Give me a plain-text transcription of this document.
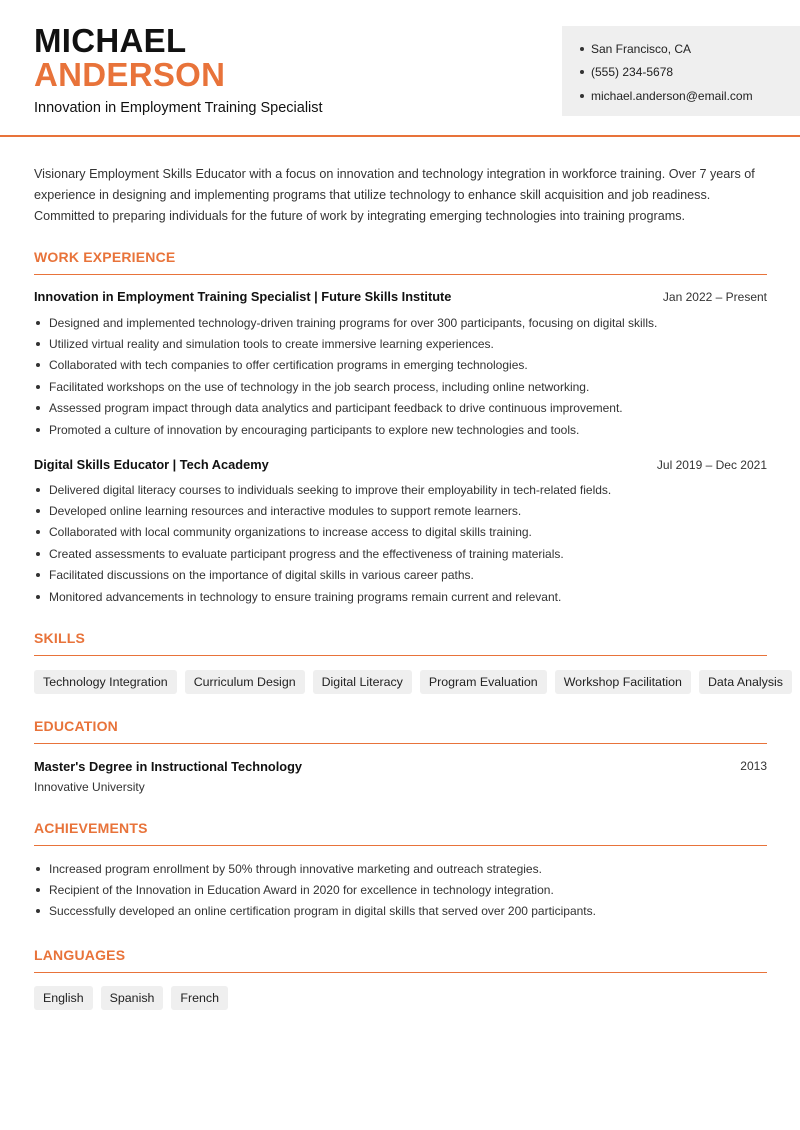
MICHAEL
ANDERSON
Innovation in Employment Training Specialist
San Francisco, CA
(555) 234-5678
michael.anderson@email.com

Visionary Employment Skills Educator with a focus on innovation and technology integration in workforce training. Over 7 years of experience in designing and implementing programs that utilize technology to enhance skill acquisition and job readiness. Committed to preparing individuals for the future of work by integrating emerging technologies into training programs.

WORK EXPERIENCE
Innovation in Employment Training Specialist | Future Skills Institute	Jan 2022 – Present
Designed and implemented technology-driven training programs for over 300 participants, focusing on digital skills.
Utilized virtual reality and simulation tools to create immersive learning experiences.
Collaborated with tech companies to offer certification programs in emerging technologies.
Facilitated workshops on the use of technology in the job search process, including online networking.
Assessed program impact through data analytics and participant feedback to drive continuous improvement.
Promoted a culture of innovation by encouraging participants to explore new technologies and tools.
Digital Skills Educator | Tech Academy	Jul 2019 – Dec 2021
Delivered digital literacy courses to individuals seeking to improve their employability in tech-related fields.
Developed online learning resources and interactive modules to support remote learners.
Collaborated with local community organizations to increase access to digital skills training.
Created assessments to evaluate participant progress and the effectiveness of training materials.
Facilitated discussions on the importance of digital skills in various career paths.
Monitored advancements in technology to ensure training programs remain current and relevant.
SKILLS
Technology Integration	Curriculum Design	Digital Literacy	Program Evaluation	Workshop Facilitation	Data Analysis
EDUCATION
Master's Degree in Instructional Technology	2013
Innovative University
ACHIEVEMENTS
Increased program enrollment by 50% through innovative marketing and outreach strategies.
Recipient of the Innovation in Education Award in 2020 for excellence in technology integration.
Successfully developed an online certification program in digital skills that served over 200 participants.
LANGUAGES
English	Spanish	French
